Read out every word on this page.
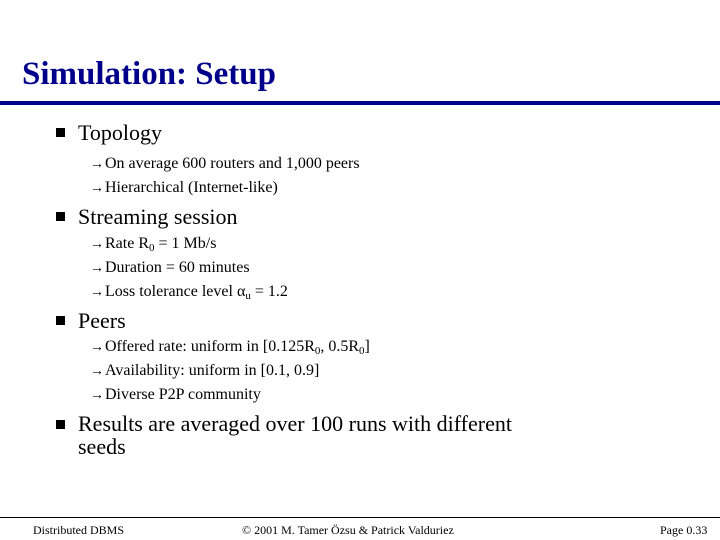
Simulation: Setup
Topology
→On average 600 routers and 1,000 peers
→Hierarchical (Internet-like)
Streaming session
→Rate $R_0 = 1$ Mb/s
→Duration = 60 minutes
→Loss tolerance level $\alpha_u = 1.2$
Peers
→Offered rate: uniform in [$0.125R_0$, $0.5R_0$]
→Availability: uniform in [0.1, 0.9]
→Diverse P2P community
Results are averaged over 100 runs with different
seeds
Distributed DBMS	© 2001 M. Tamer Özsu & Patrick Valduriez	Page 0.33
